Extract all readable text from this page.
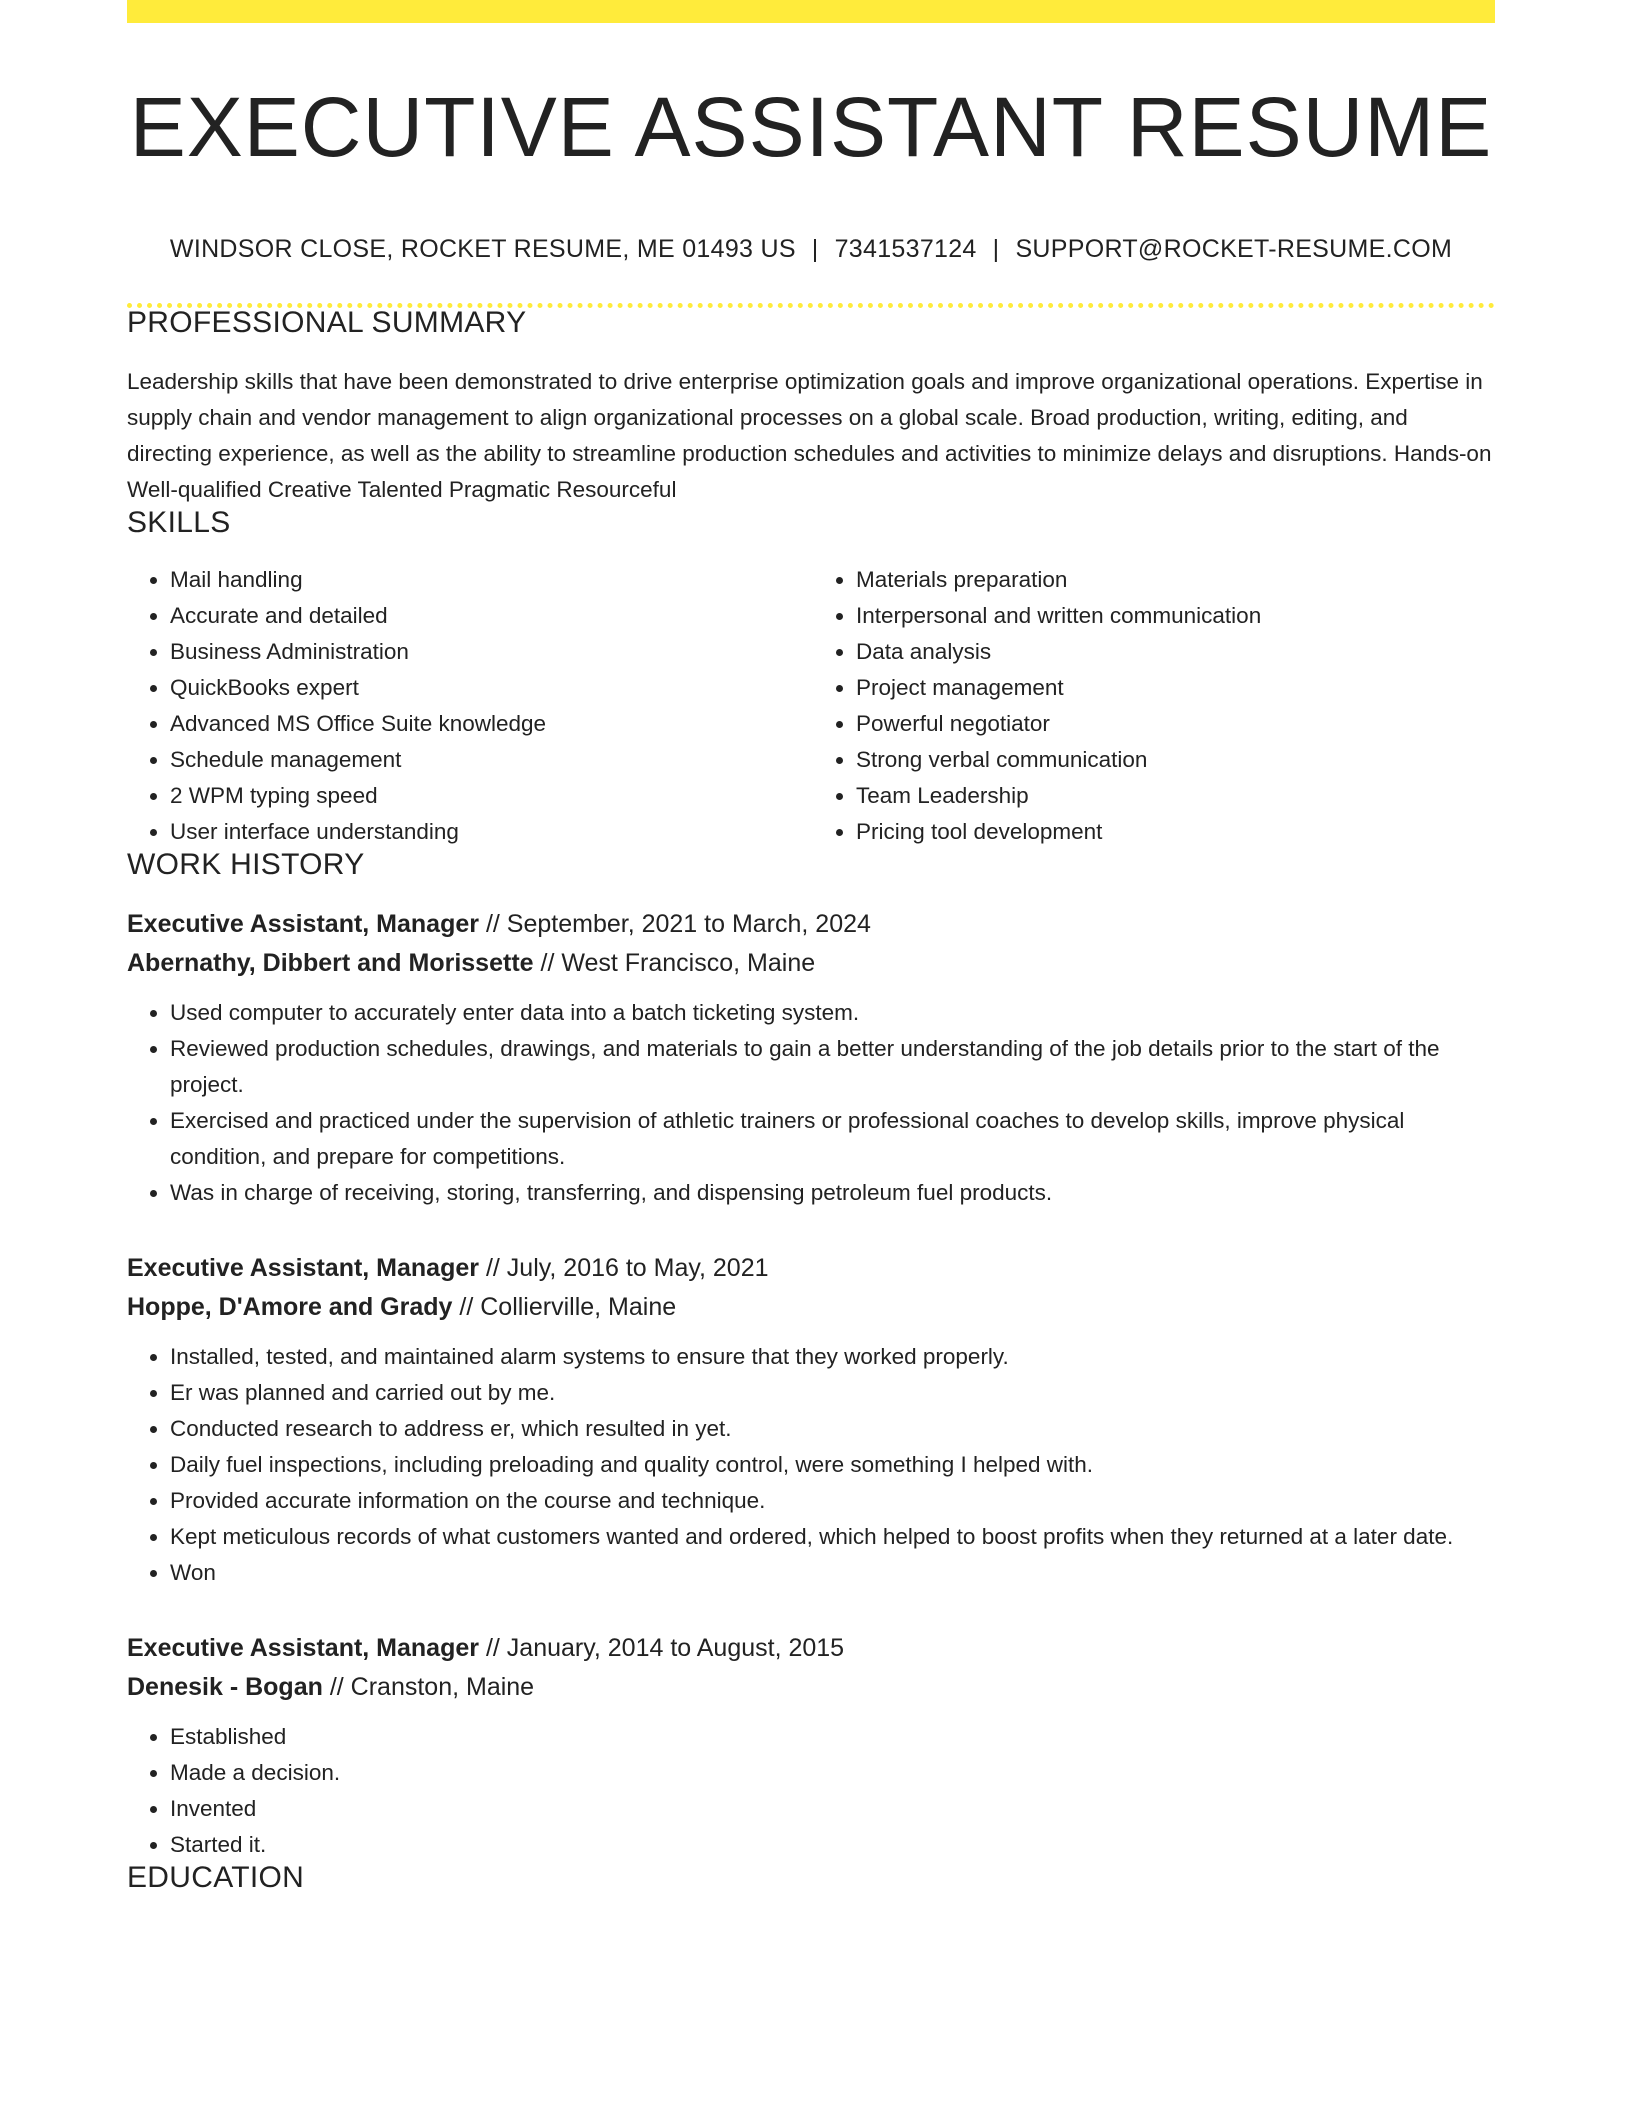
EXECUTIVE ASSISTANT RESUME
WINDSOR CLOSE, ROCKET RESUME, ME 01493 US | 7341537124 | SUPPORT@ROCKET-RESUME.COM
PROFESSIONAL SUMMARY

Leadership skills that have been demonstrated to drive enterprise optimization goals and improve organizational operations. Expertise in supply chain and vendor management to align organizational processes on a global scale. Broad production, writing, editing, and directing experience, as well as the ability to streamline production schedules and activities to minimize delays and disruptions. Hands-on Well-qualified Creative Talented Pragmatic Resourceful

SKILLS
• Mail handling
• Accurate and detailed
• Business Administration
• QuickBooks expert
• Advanced MS Office Suite knowledge
• Schedule management
• 2 WPM typing speed
• User interface understanding
• Materials preparation
• Interpersonal and written communication
• Data analysis
• Project management
• Powerful negotiator
• Strong verbal communication
• Team Leadership
• Pricing tool development
WORK HISTORY
Executive Assistant, Manager // September, 2021 to March, 2024
Abernathy, Dibbert and Morissette // West Francisco, Maine
• Used computer to accurately enter data into a batch ticketing system.
• Reviewed production schedules, drawings, and materials to gain a better understanding of the job details prior to the start of the project.
• Exercised and practiced under the supervision of athletic trainers or professional coaches to develop skills, improve physical condition, and prepare for competitions.
• Was in charge of receiving, storing, transferring, and dispensing petroleum fuel products.
Executive Assistant, Manager // July, 2016 to May, 2021
Hoppe, D'Amore and Grady // Collierville, Maine
• Installed, tested, and maintained alarm systems to ensure that they worked properly.
• Er was planned and carried out by me.
• Conducted research to address er, which resulted in yet.
• Daily fuel inspections, including preloading and quality control, were something I helped with.
• Provided accurate information on the course and technique.
• Kept meticulous records of what customers wanted and ordered, which helped to boost profits when they returned at a later date.
• Won
Executive Assistant, Manager // January, 2014 to August, 2015
Denesik - Bogan // Cranston, Maine
• Established
• Made a decision.
• Invented
• Started it.
EDUCATION
